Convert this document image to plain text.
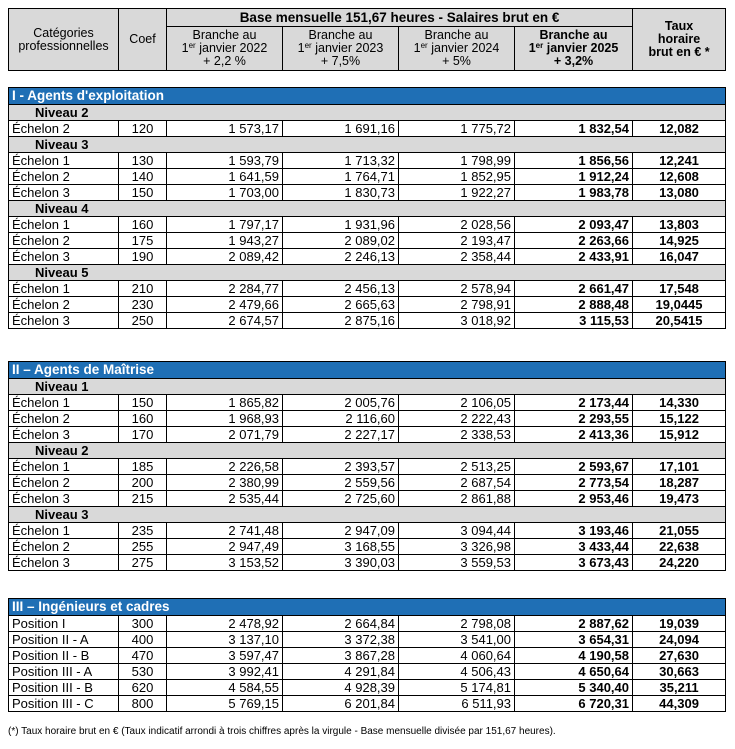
Catégories
professionnelles	Coef	Base mensuelle 151,67 heures - Salaires brut en €				Taux
horaire
brut en € *
		Branche au
1er janvier 2022
+ 2,2 %	Branche au
1er janvier 2023
+ 7,5%	Branche au
1er janvier 2024
+ 5%	Branche au
1er janvier 2025
+ 3,2%	
I - Agents d'exploitation						
Niveau 2						
Échelon 2	120	1 573,17	1 691,16	1 775,72	1 832,54	12,082
Niveau 3						
Échelon 1	130	1 593,79	1 713,32	1 798,99	1 856,56	12,241
Échelon 2	140	1 641,59	1 764,71	1 852,95	1 912,24	12,608
Échelon 3	150	1 703,00	1 830,73	1 922,27	1 983,78	13,080
Niveau 4						
Échelon 1	160	1 797,17	1 931,96	2 028,56	2 093,47	13,803
Échelon 2	175	1 943,27	2 089,02	2 193,47	2 263,66	14,925
Échelon 3	190	2 089,42	2 246,13	2 358,44	2 433,91	16,047
Niveau 5						
Échelon 1	210	2 284,77	2 456,13	2 578,94	2 661,47	17,548
Échelon 2	230	2 479,66	2 665,63	2 798,91	2 888,48	19,0445
Échelon 3	250	2 674,57	2 875,16	3 018,92	3 115,53	20,5415
II – Agents de Maîtrise						
Niveau 1						
Échelon 1	150	1 865,82	2 005,76	2 106,05	2 173,44	14,330
Échelon 2	160	1 968,93	2 116,60	2 222,43	2 293,55	15,122
Échelon 3	170	2 071,79	2 227,17	2 338,53	2 413,36	15,912
Niveau 2						
Échelon 1	185	2 226,58	2 393,57	2 513,25	2 593,67	17,101
Échelon 2	200	2 380,99	2 559,56	2 687,54	2 773,54	18,287
Échelon 3	215	2 535,44	2 725,60	2 861,88	2 953,46	19,473
Niveau 3						
Échelon 1	235	2 741,48	2 947,09	3 094,44	3 193,46	21,055
Échelon 2	255	2 947,49	3 168,55	3 326,98	3 433,44	22,638
Échelon 3	275	3 153,52	3 390,03	3 559,53	3 673,43	24,220
III – Ingénieurs et cadres						
Position I	300	2 478,92	2 664,84	2 798,08	2 887,62	19,039
Position II - A	400	3 137,10	3 372,38	3 541,00	3 654,31	24,094
Position II - B	470	3 597,47	3 867,28	4 060,64	4 190,58	27,630
Position III - A	530	3 992,41	4 291,84	4 506,43	4 650,64	30,663
Position III - B	620	4 584,55	4 928,39	5 174,81	5 340,40	35,211
Position III - C	800	5 769,15	6 201,84	6 511,93	6 720,31	44,309
(*) Taux horaire brut en € (Taux indicatif arrondi à trois chiffres après la virgule - Base mensuelle divisée par 151,67 heures).
